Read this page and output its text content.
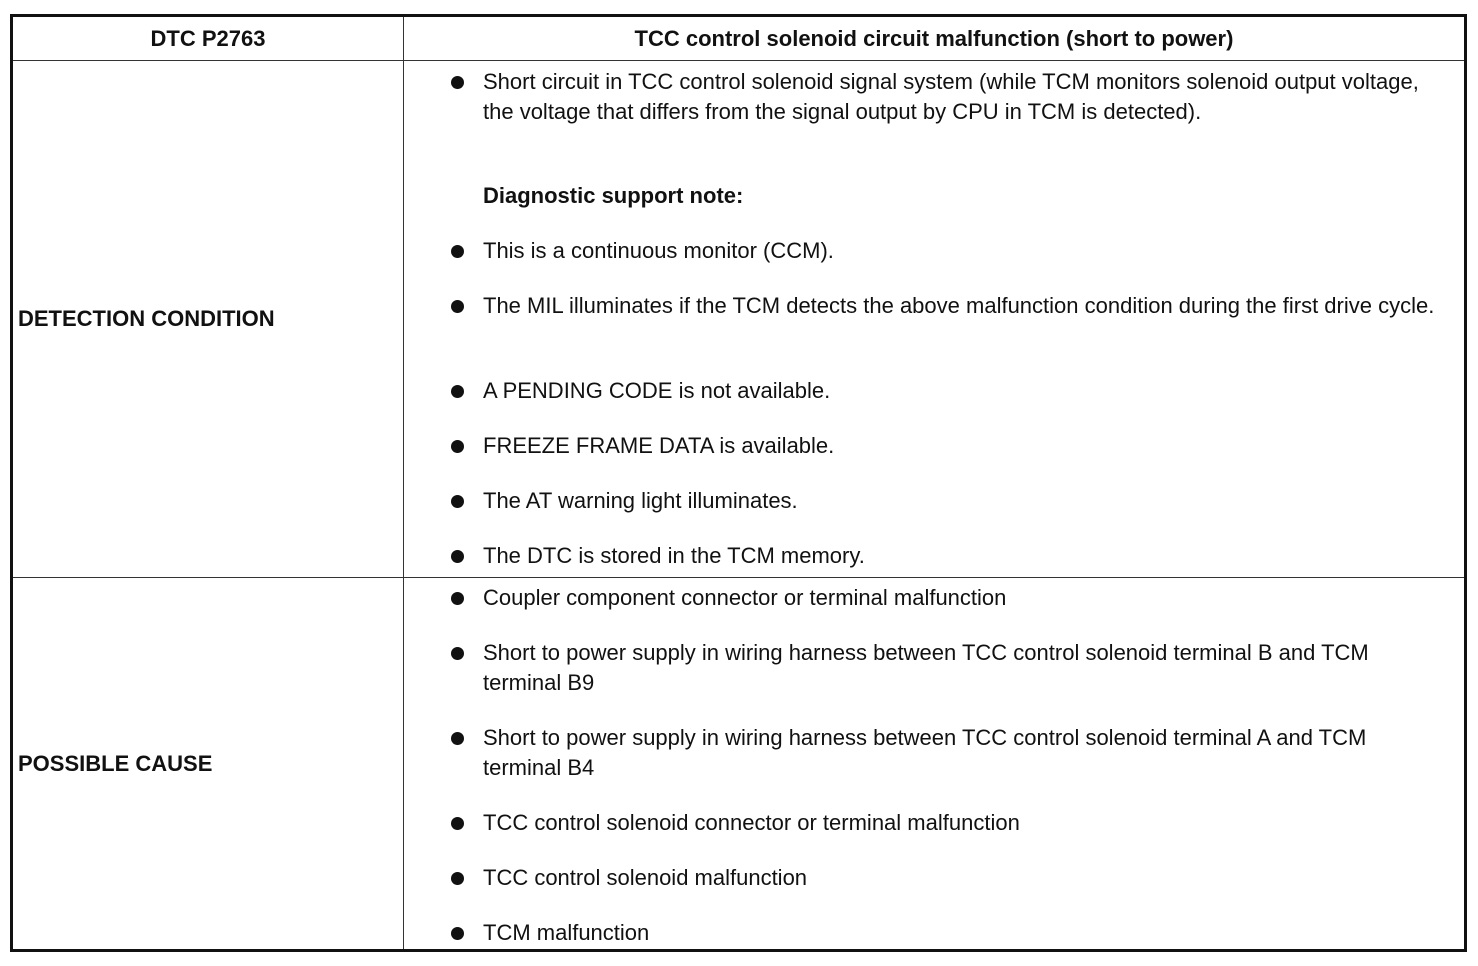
DTC P2763	TCC control solenoid circuit malfunction (short to power)
DETECTION CONDITION
Short circuit in TCC control solenoid signal system (while TCM monitors solenoid output voltage, the voltage that differs from the signal output by CPU in TCM is detected).
Diagnostic support note:
This is a continuous monitor (CCM).
The MIL illuminates if the TCM detects the above malfunction condition during the first drive cycle.
A PENDING CODE is not available.
FREEZE FRAME DATA is available.
The AT warning light illuminates.
The DTC is stored in the TCM memory.
POSSIBLE CAUSE
Coupler component connector or terminal malfunction
Short to power supply in wiring harness between TCC control solenoid terminal B and TCM terminal B9
Short to power supply in wiring harness between TCC control solenoid terminal A and TCM terminal B4
TCC control solenoid connector or terminal malfunction
TCC control solenoid malfunction
TCM malfunction
